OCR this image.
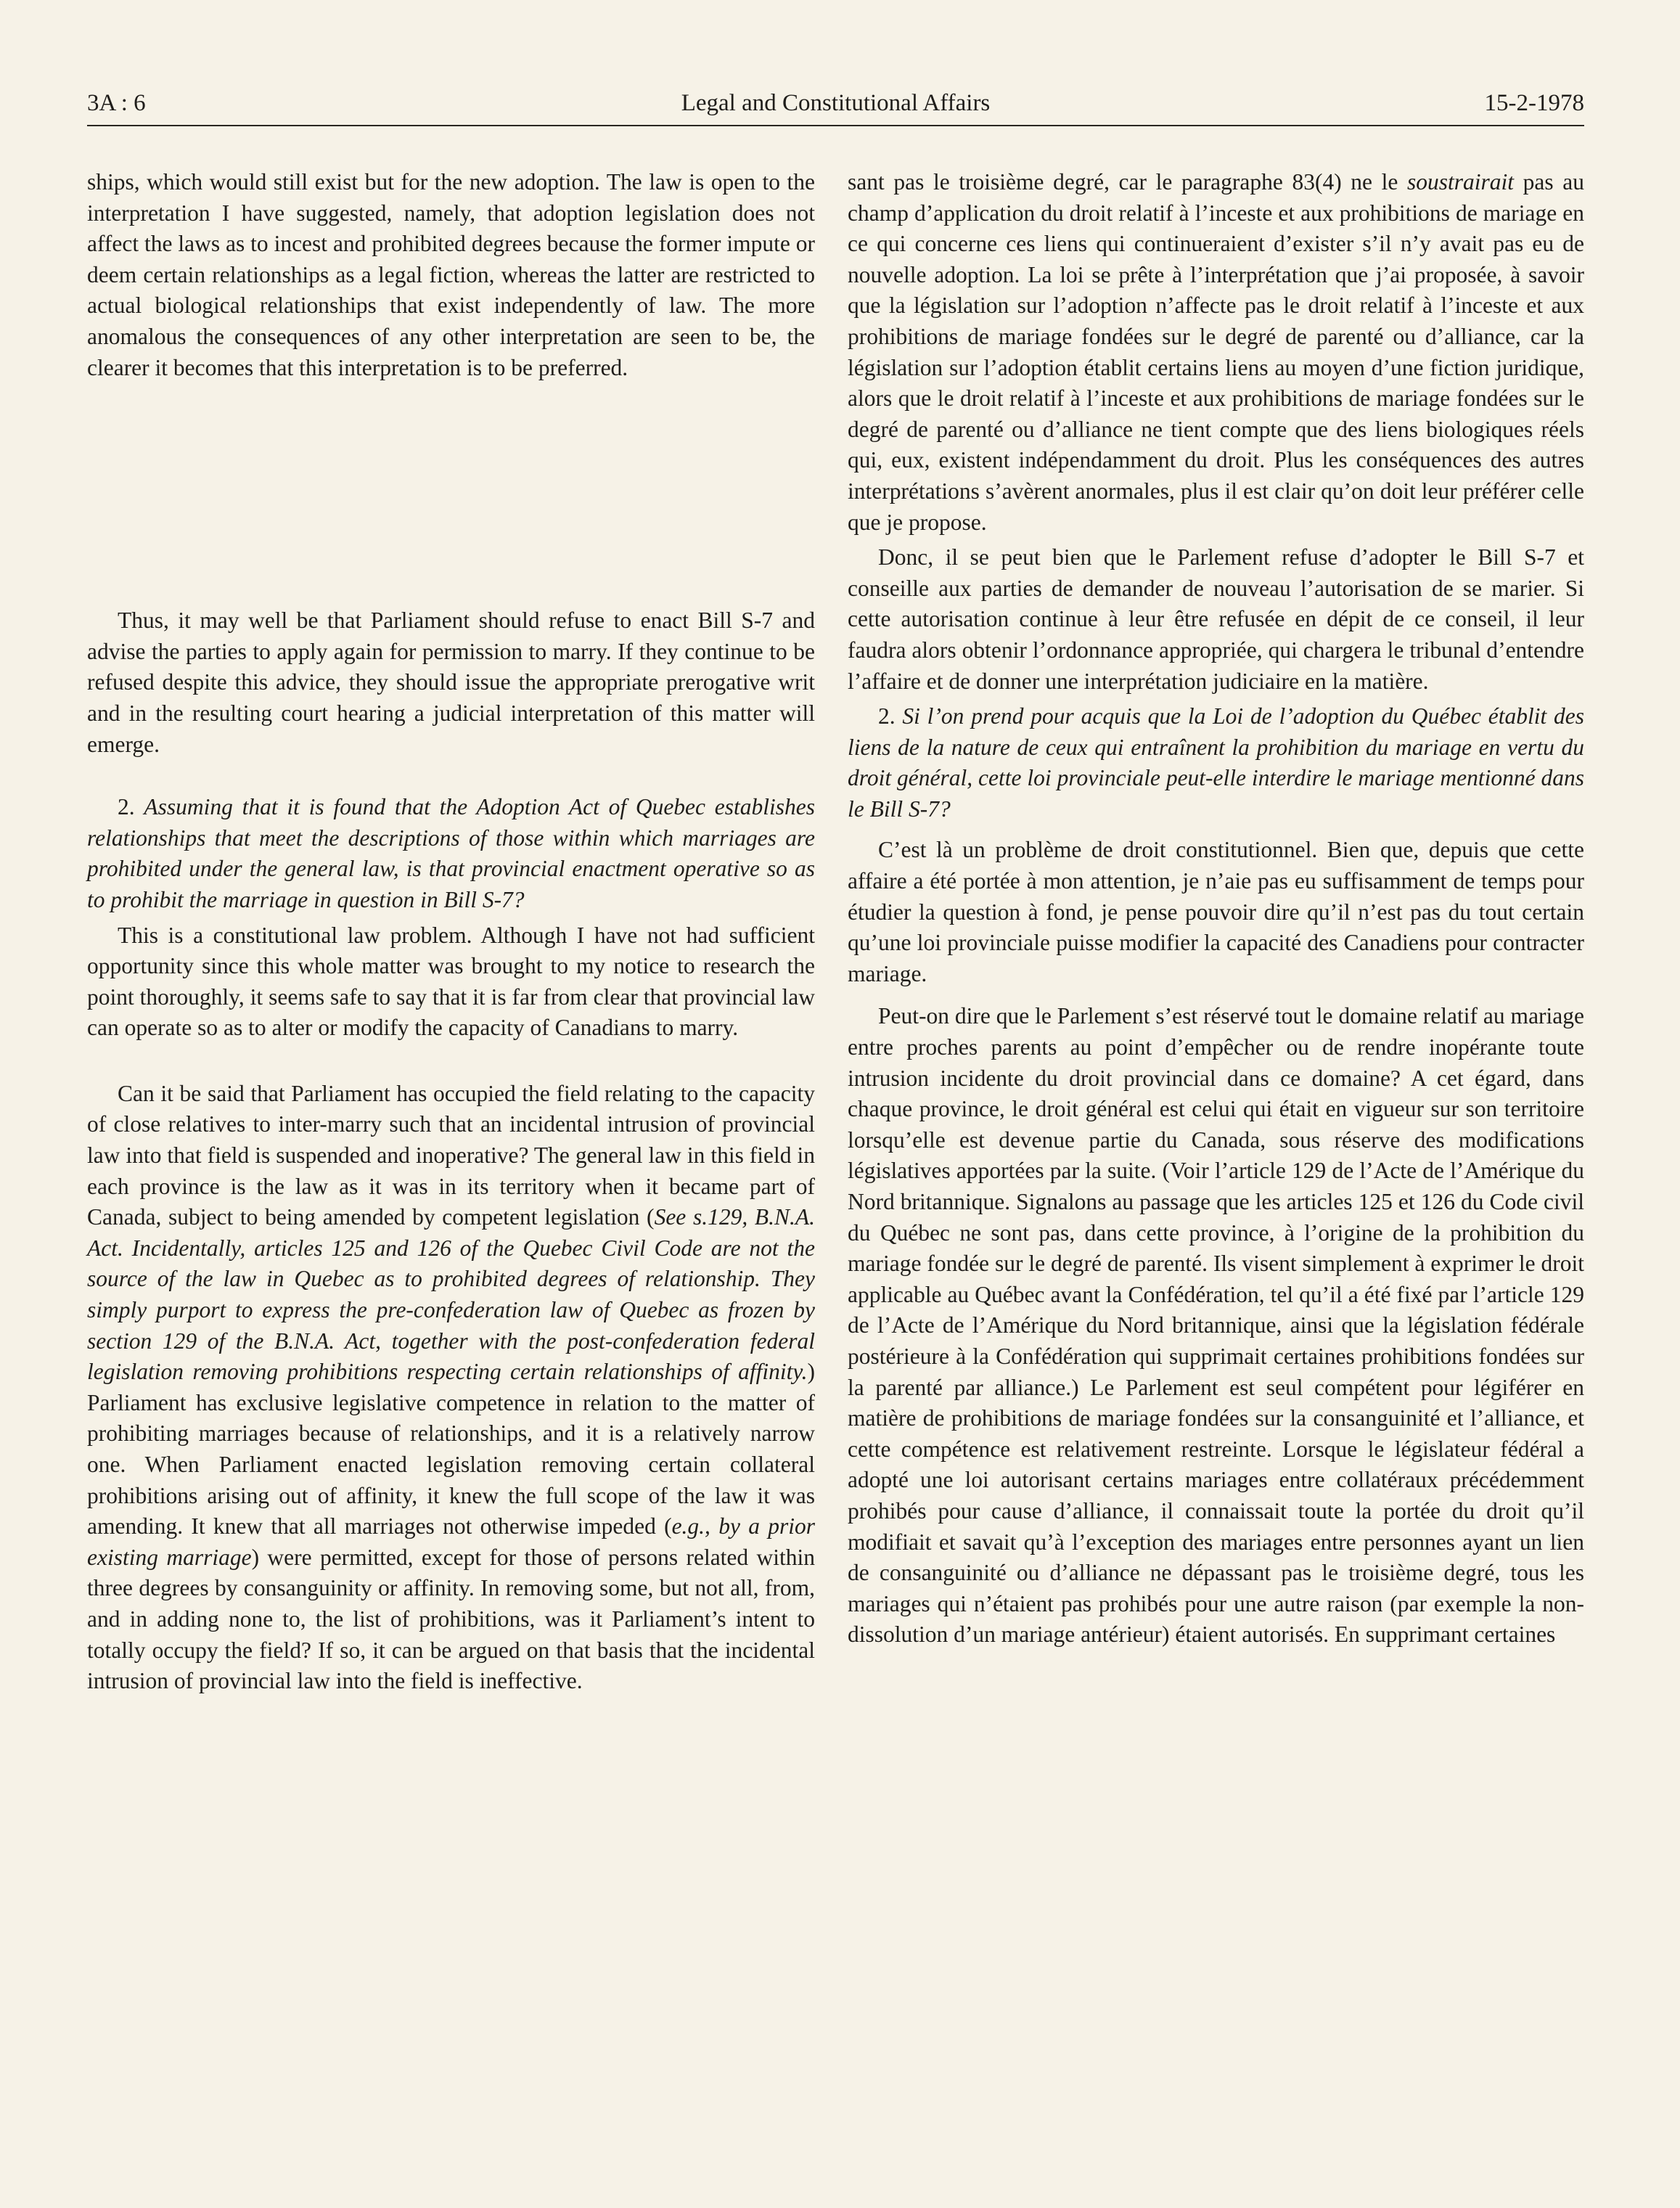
3A : 6	Legal and Constitutional Affairs	15-2-1978

ships, which would still exist but for the new adoption. The law is open to the interpretation I have suggested, namely, that adoption legislation does not affect the laws as to incest and prohibited degrees because the former impute or deem certain relationships as a legal fiction, whereas the latter are restricted to actual biological relationships that exist independently of law. The more anomalous the consequences of any other interpretation are seen to be, the clearer it becomes that this interpretation is to be preferred.

Thus, it may well be that Parliament should refuse to enact Bill S-7 and advise the parties to apply again for permission to marry. If they continue to be refused despite this advice, they should issue the appropriate prerogative writ and in the resulting court hearing a judicial interpretation of this matter will emerge.

2. Assuming that it is found that the Adoption Act of Quebec establishes relationships that meet the descriptions of those within which marriages are prohibited under the general law, is that provincial enactment operative so as to prohibit the marriage in question in Bill S-7?

This is a constitutional law problem. Although I have not had sufficient opportunity since this whole matter was brought to my notice to research the point thoroughly, it seems safe to say that it is far from clear that provincial law can operate so as to alter or modify the capacity of Canadians to marry.

Can it be said that Parliament has occupied the field relating to the capacity of close relatives to inter-marry such that an incidental intrusion of provincial law into that field is suspended and inoperative? The general law in this field in each province is the law as it was in its territory when it became part of Canada, subject to being amended by competent legislation (See s.129, B.N.A. Act. Incidentally, articles 125 and 126 of the Quebec Civil Code are not the source of the law in Quebec as to prohibited degrees of relationship. They simply purport to express the pre-confederation law of Quebec as frozen by section 129 of the B.N.A. Act, together with the post-confederation federal legislation removing prohibitions respecting certain relationships of affinity.) Parliament has exclusive legislative competence in relation to the matter of prohibiting marriages because of relationships, and it is a relatively narrow one. When Parliament enacted legislation removing certain collateral prohibitions arising out of affinity, it knew the full scope of the law it was amending. It knew that all marriages not otherwise impeded (e.g., by a prior existing marriage) were permitted, except for those of persons related within three degrees by consanguinity or affinity. In removing some, but not all, from, and in adding none to, the list of prohibitions, was it Parliament’s intent to totally occupy the field? If so, it can be argued on that basis that the incidental intrusion of provincial law into the field is ineffective.

sant pas le troisième degré, car le paragraphe 83(4) ne le soustrairait pas au champ d’application du droit relatif à l’inceste et aux prohibitions de mariage en ce qui concerne ces liens qui continueraient d’exister s’il n’y avait pas eu de nouvelle adoption. La loi se prête à l’interprétation que j’ai proposée, à savoir que la législation sur l’adoption n’affecte pas le droit relatif à l’inceste et aux prohibitions de mariage fondées sur le degré de parenté ou d’alliance, car la législation sur l’adoption établit certains liens au moyen d’une fiction juridique, alors que le droit relatif à l’inceste et aux prohibitions de mariage fondées sur le degré de parenté ou d’alliance ne tient compte que des liens biologiques réels qui, eux, existent indépendamment du droit. Plus les conséquences des autres interprétations s’avèrent anormales, plus il est clair qu’on doit leur préférer celle que je propose.

Donc, il se peut bien que le Parlement refuse d’adopter le Bill S-7 et conseille aux parties de demander de nouveau l’autorisation de se marier. Si cette autorisation continue à leur être refusée en dépit de ce conseil, il leur faudra alors obtenir l’ordonnance appropriée, qui chargera le tribunal d’entendre l’affaire et de donner une interprétation judiciaire en la matière.

2. Si l’on prend pour acquis que la Loi de l’adoption du Québec établit des liens de la nature de ceux qui entraînent la prohibition du mariage en vertu du droit général, cette loi provinciale peut-elle interdire le mariage mentionné dans le Bill S-7?

C’est là un problème de droit constitutionnel. Bien que, depuis que cette affaire a été portée à mon attention, je n’aie pas eu suffisamment de temps pour étudier la question à fond, je pense pouvoir dire qu’il n’est pas du tout certain qu’une loi provinciale puisse modifier la capacité des Canadiens pour contracter mariage.

Peut-on dire que le Parlement s’est réservé tout le domaine relatif au mariage entre proches parents au point d’empêcher ou de rendre inopérante toute intrusion incidente du droit provincial dans ce domaine? A cet égard, dans chaque province, le droit général est celui qui était en vigueur sur son territoire lorsqu’elle est devenue partie du Canada, sous réserve des modifications législatives apportées par la suite. (Voir l’article 129 de l’Acte de l’Amérique du Nord britannique. Signalons au passage que les articles 125 et 126 du Code civil du Québec ne sont pas, dans cette province, à l’origine de la prohibition du mariage fondée sur le degré de parenté. Ils visent simplement à exprimer le droit applicable au Québec avant la Confédération, tel qu’il a été fixé par l’article 129 de l’Acte de l’Amérique du Nord britannique, ainsi que la législation fédérale postérieure à la Confédération qui supprimait certaines prohibitions fondées sur la parenté par alliance.) Le Parlement est seul compétent pour légiférer en matière de prohibitions de mariage fondées sur la consanguinité et l’alliance, et cette compétence est relativement restreinte. Lorsque le législateur fédéral a adopté une loi autorisant certains mariages entre collatéraux précédemment prohibés pour cause d’alliance, il connaissait toute la portée du droit qu’il modifiait et savait qu’à l’exception des mariages entre personnes ayant un lien de consanguinité ou d’alliance ne dépassant pas le troisième degré, tous les mariages qui n’étaient pas prohibés pour une autre raison (par exemple la non-dissolution d’un mariage antérieur) étaient autorisés. En supprimant certaines
